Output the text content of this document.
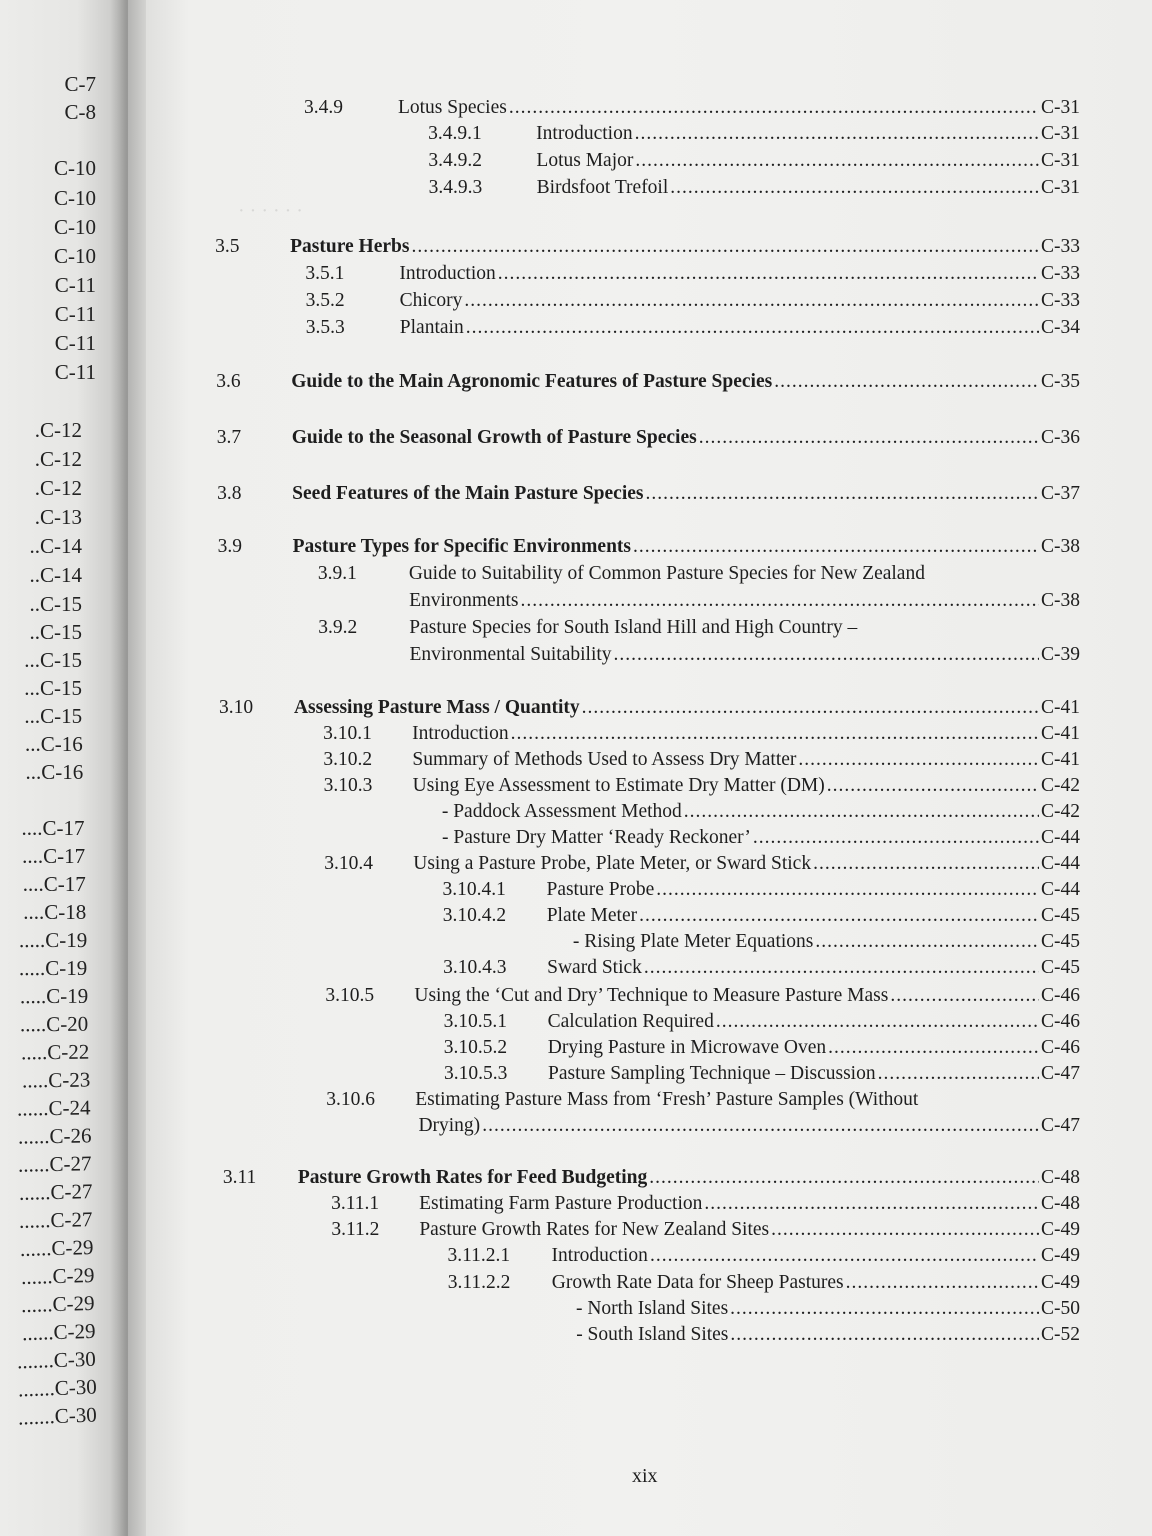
C-7
C-8
C-10
C-10
C-10
C-10
C-11
C-11
C-11
C-11
.C-12
.C-12
.C-12
.C-13
..C-14
..C-14
..C-15
..C-15
...C-15
...C-15
...C-15
...C-16
...C-16
....C-17
....C-17
....C-17
....C-18
.....C-19
.....C-19
.....C-19
.....C-20
.....C-22
.....C-23
......C-24
......C-26
......C-27
......C-27
......C-27
......C-29
......C-29
......C-29
......C-29
.......C-30
.......C-30
.......C-30
· · · · · ·
xix
3.4.9	Lotus Species .....	C-31
3.4.9.1	Introduction .....	C-31
3.4.9.2	Lotus Major .....	C-31
3.4.9.3	Birdsfoot Trefoil .....	C-31
3.5	Pasture Herbs .....	C-33
3.5.1	Introduction .....	C-33
3.5.2	Chicory .....	C-33
3.5.3	Plantain .....	C-34
3.6	Guide to the Main Agronomic Features of Pasture Species .....	C-35
3.7	Guide to the Seasonal Growth of Pasture Species .....	C-36
3.8	Seed Features of the Main Pasture Species .....	C-37
3.9	Pasture Types for Specific Environments .....	C-38
3.9.1	Guide to Suitability of Common Pasture Species for New Zealand
Environments .....	C-38
3.9.2	Pasture Species for South Island Hill and High Country –
Environmental Suitability .....	C-39
3.10 Assessing Pasture Mass / Quantity .....	C-41
3.10.1 Introduction .....	C-41
3.10.2 Summary of Methods Used to Assess Dry Matter .....	C-41
3.10.3 Using Eye Assessment to Estimate Dry Matter (DM) .....	C-42
- Paddock Assessment Method .....	C-42
- Pasture Dry Matter ‘Ready Reckoner’ .....	C-44
3.10.4 Using a Pasture Probe, Plate Meter, or Sward Stick .....	C-44
3.10.4.1 Pasture Probe .....	C-44
3.10.4.2 Plate Meter .....	C-45
- Rising Plate Meter Equations .....	C-45
3.10.4.3 Sward Stick .....	C-45
3.10.5 Using the ‘Cut and Dry’ Technique to Measure Pasture Mass .....	C-46
3.10.5.1 Calculation Required .....	C-46
3.10.5.2 Drying Pasture in Microwave Oven .....	C-46
3.10.5.3 Pasture Sampling Technique – Discussion .....	C-47
3.10.6 Estimating Pasture Mass from ‘Fresh’ Pasture Samples (Without
Drying) .....	C-47
3.11 Pasture Growth Rates for Feed Budgeting .....	C-48
3.11.1 Estimating Farm Pasture Production .....	C-48
3.11.2 Pasture Growth Rates for New Zealand Sites .....	C-49
3.11.2.1 Introduction .....	C-49
3.11.2.2 Growth Rate Data for Sheep Pastures .....	C-49
- North Island Sites .....	C-50
- South Island Sites .....	C-52
